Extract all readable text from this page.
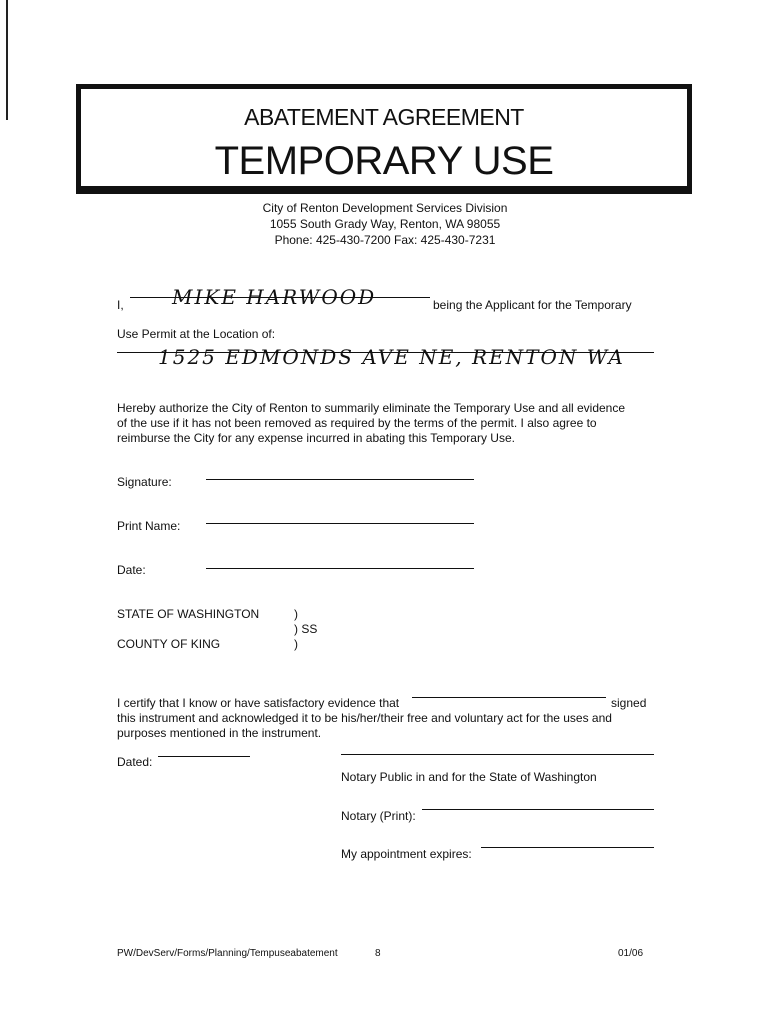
ABATEMENT AGREEMENT
TEMPORARY USE
City of Renton Development Services Division
1055 South Grady Way, Renton, WA 98055
Phone: 425-430-7200 Fax: 425-430-7231
I, MIKE HARWOOD	being the Applicant for the Temporary
Use Permit at the Location of:
1525 EDMONDS AVE NE, RENTON WA
Hereby authorize the City of Renton to summarily eliminate the Temporary Use and all evidence
of the use if it has not been removed as required by the terms of the permit. I also agree to
reimburse the City for any expense incurred in abating this Temporary Use.
Signature:
Print Name:
Date:
STATE OF WASHINGTON	)
) SS
COUNTY OF KING	)
I certify that I know or have satisfactory evidence that	signed
this instrument and acknowledged it to be his/her/their free and voluntary act for the uses and
purposes mentioned in the instrument.
Dated:
Notary Public in and for the State of Washington
Notary (Print):
My appointment expires:
PW/DevServ/Forms/Planning/Tempuseabatement	8	01/06
